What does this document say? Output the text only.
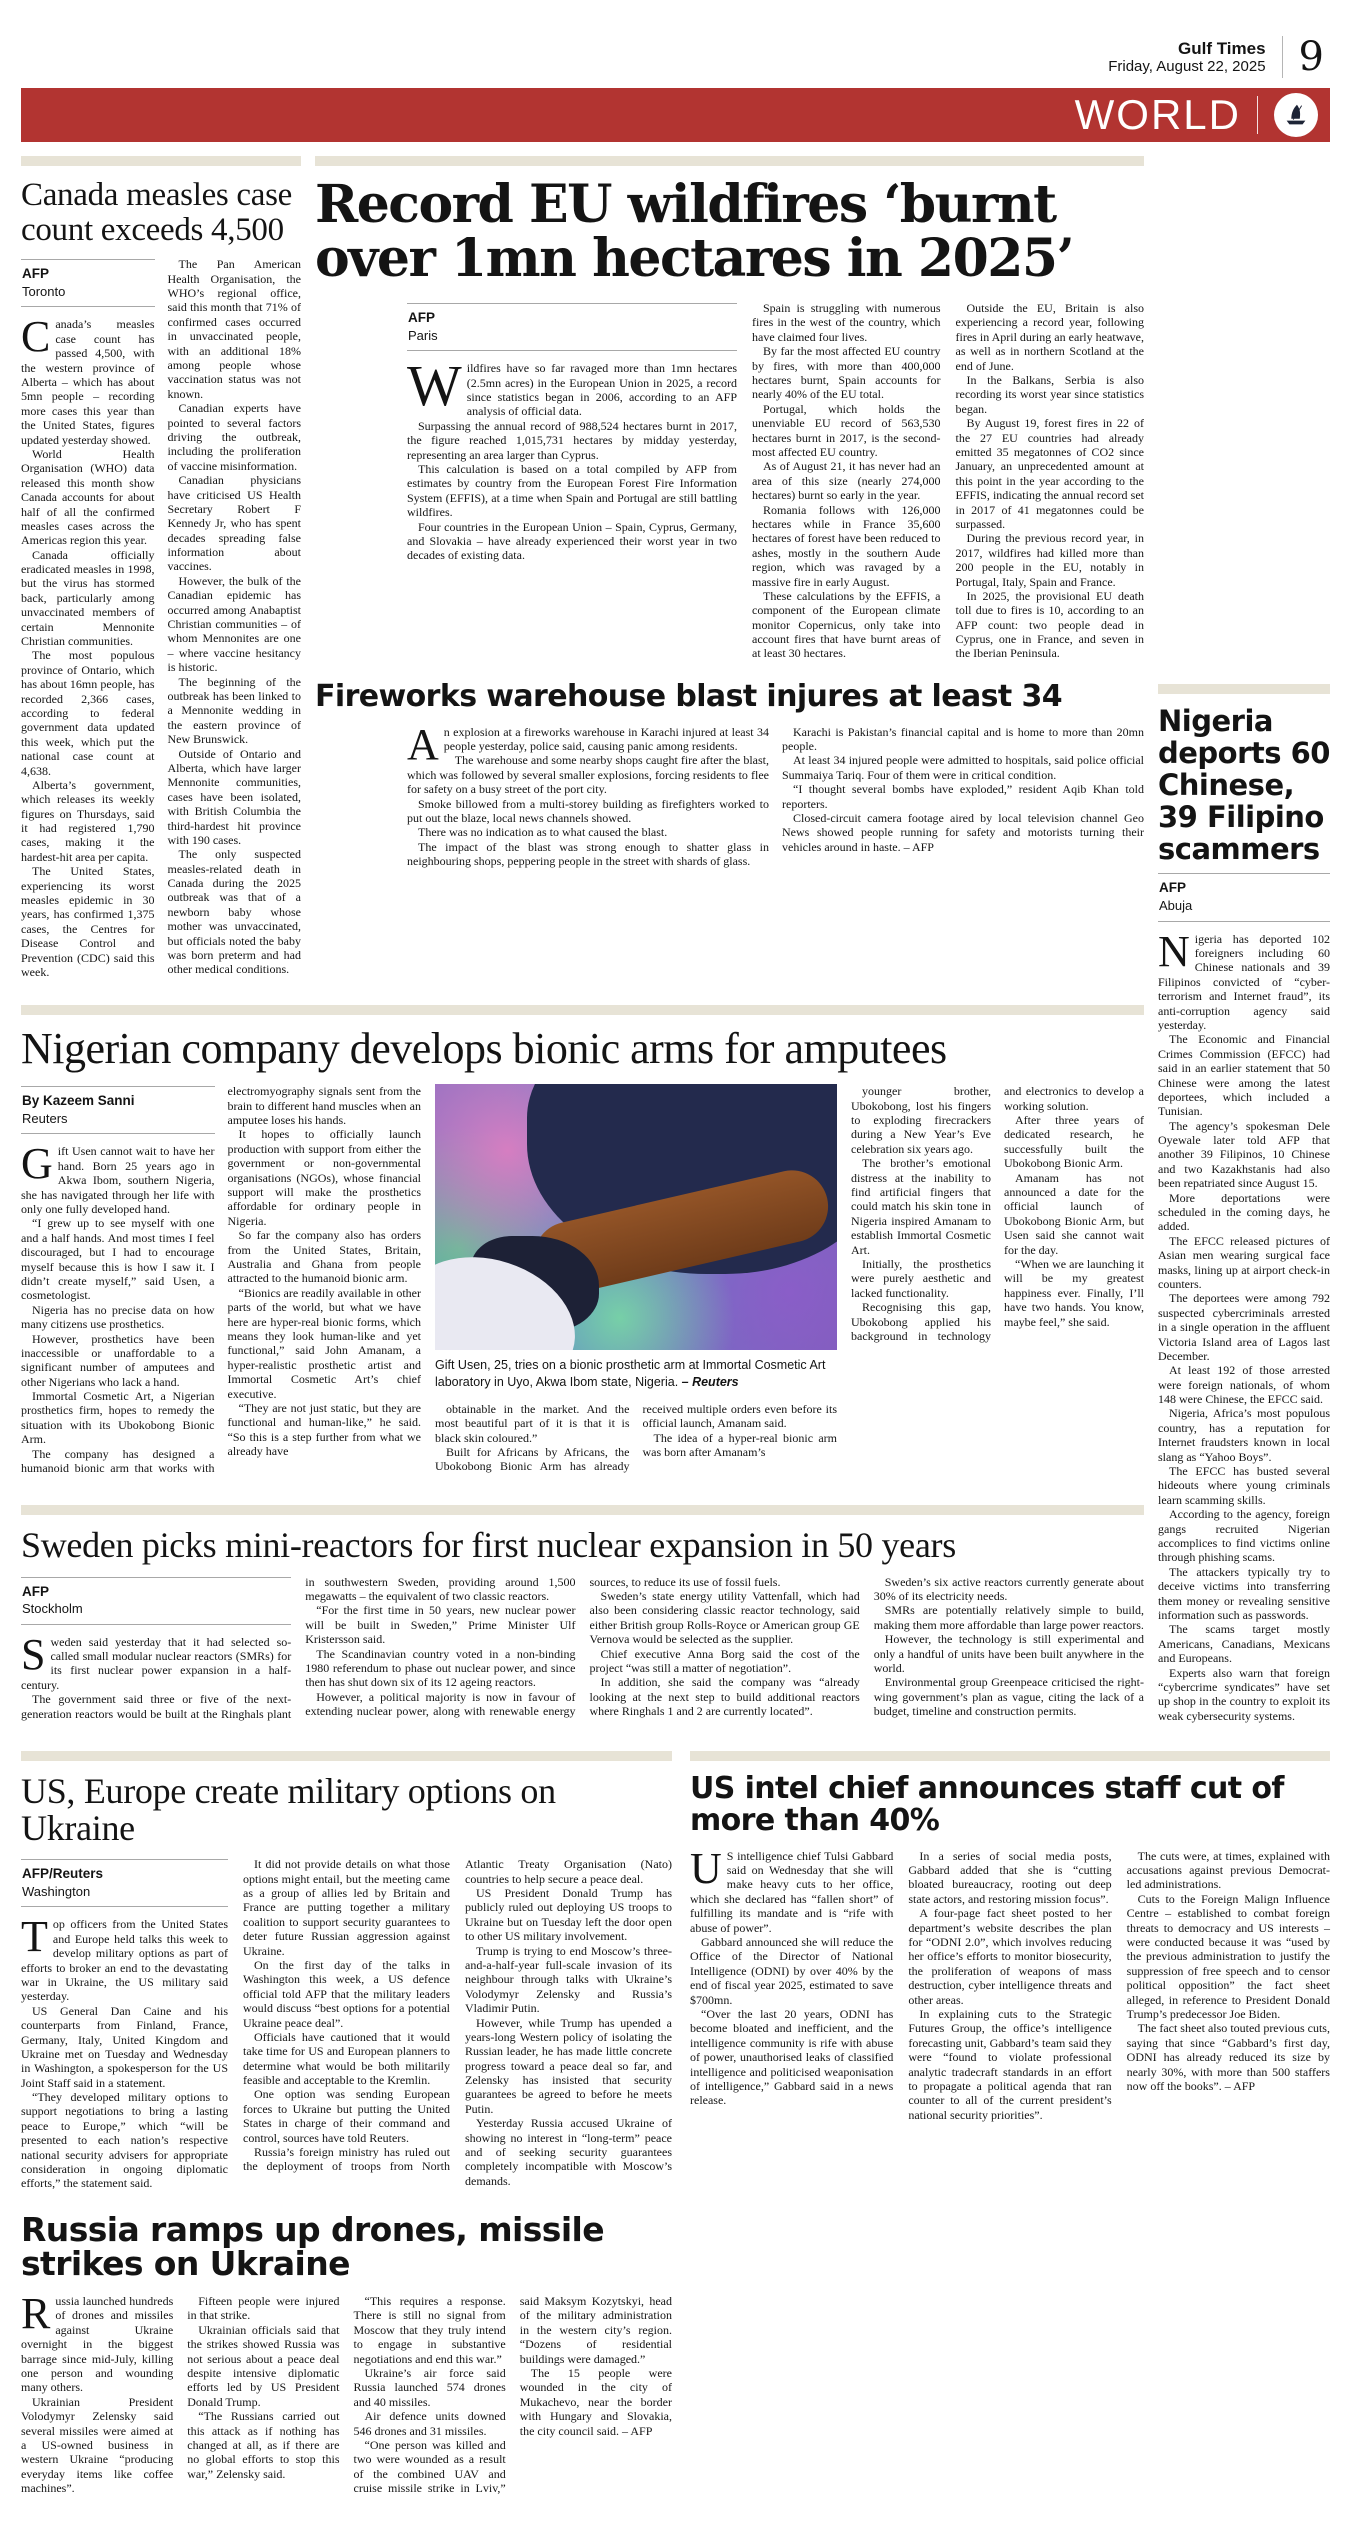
Gulf Times
Friday, August 22, 2025 9
WORLD
Canada measles case count exceeds 4,500
AFP
Toronto

Canada’s measles case count has passed 4,500, with the western province of Alberta – which has about 5mn people – recording more cases this year than the United States, figures updated yesterday showed.

World Health Organisation (WHO) data released this month show Canada accounts for about half of all the confirmed measles cases across the Americas region this year.

Canada officially eradicated measles in 1998, but the virus has stormed back, particularly among unvaccinated members of certain Mennonite Christian communities.

The most populous province of Ontario, which has about 16mn people, has recorded 2,366 cases, according to federal government data updated this week, which put the national case count at 4,638.

Alberta’s government, which releases its weekly figures on Thursdays, said it had registered 1,790 cases, making it the hardest-hit area per capita.

The United States, experiencing its worst measles epidemic in 30 years, has confirmed 1,375 cases, the Centres for Disease Control and Prevention (CDC) said this week.

The Pan American Health Organisation, the WHO’s regional office, said this month that 71% of confirmed cases occurred in unvaccinated people, with an additional 18% among people whose vaccination status was not known.

Canadian experts have pointed to several factors driving the outbreak, including the proliferation of vaccine misinformation.

Canadian physicians have criticised US Health Secretary Robert F Kennedy Jr, who has spent decades spreading false information about vaccines.

However, the bulk of the Canadian epidemic has occurred among Anabaptist Christian communities – of whom Mennonites are one – where vaccine hesitancy is historic.

The beginning of the outbreak has been linked to a Mennonite wedding in the eastern province of New Brunswick.

Outside of Ontario and Alberta, which have larger Mennonite communities, cases have been isolated, with British Columbia the third-hardest hit province with 190 cases.

The only suspected measles-related death in Canada during the 2025 outbreak was that of a newborn baby whose mother was unvaccinated, but officials noted the baby was born preterm and had other medical conditions.

Record EU wildfires ‘burnt over 1mn hectares in 2025’
AFP
Paris

Wildfires have so far ravaged more than 1mn hectares (2.5mn acres) in the European Union in 2025, a record since statistics began in 2006, according to an AFP analysis of official data.

Surpassing the annual record of 988,524 hectares burnt in 2017, the figure reached 1,015,731 hectares by midday yesterday, representing an area larger than Cyprus.

This calculation is based on a total compiled by AFP from estimates by country from the European Forest Fire Information System (EFFIS), at a time when Spain and Portugal are still battling wildfires.

Four countries in the European Union – Spain, Cyprus, Germany, and Slovakia – have already experienced their worst year in two decades of existing data.

Spain is struggling with numerous fires in the west of the country, which have claimed four lives.

By far the most affected EU country by fires, with more than 400,000 hectares burnt, Spain accounts for nearly 40% of the EU total.

Portugal, which holds the unenviable EU record of 563,530 hectares burnt in 2017, is the second-most affected EU country.

As of August 21, it has never had an area of this size (nearly 274,000 hectares) burnt so early in the year.

Romania follows with 126,000 hectares while in France 35,600 hectares of forest have been reduced to ashes, mostly in the southern Aude region, which was ravaged by a massive fire in early August.

These calculations by the EFFIS, a component of the European climate monitor Copernicus, only take into account fires that have burnt areas of at least 30 hectares.

Outside the EU, Britain is also experiencing a record year, following fires in April during an early heatwave, as well as in northern Scotland at the end of June.

In the Balkans, Serbia is also recording its worst year since statistics began.

By August 19, forest fires in 22 of the 27 EU countries had already emitted 35 megatonnes of CO2 since January, an unprecedented amount at this point in the year according to the EFFIS, indicating the annual record set in 2017 of 41 megatonnes could be surpassed.

During the previous record year, in 2017, wildfires had killed more than 200 people in the EU, notably in Portugal, Italy, Spain and France.

In 2025, the provisional EU death toll due to fires is 10, according to an AFP count: two people dead in Cyprus, one in France, and seven in the Iberian Peninsula.

Fireworks warehouse blast injures at least 34

An explosion at a fireworks warehouse in Karachi injured at least 34 people yesterday, police said, causing panic among residents.

The warehouse and some nearby shops caught fire after the blast, which was followed by several smaller explosions, forcing residents to flee for safety on a busy street of the port city.

Smoke billowed from a multi-storey building as firefighters worked to put out the blaze, local news channels showed.

There was no indication as to what caused the blast.

The impact of the blast was strong enough to shatter glass in neighbouring shops, peppering people in the street with shards of glass.

Karachi is Pakistan’s financial capital and is home to more than 20mn people.

At least 34 injured people were admitted to hospitals, said police official Summaiya Tariq. Four of them were in critical condition.

“I thought several bombs have exploded,” resident Aqib Khan told reporters.

Closed-circuit camera footage aired by local television channel Geo News showed people running for safety and motorists turning their vehicles around in haste. – AFP

Nigeria deports 60 Chinese, 39 Filipino scammers
AFP
Abuja

Nigeria has deported 102 foreigners including 60 Chinese nationals and 39 Filipinos convicted of “cyber-terrorism and Internet fraud”, its anti-corruption agency said yesterday.

The Economic and Financial Crimes Commission (EFCC) had said in an earlier statement that 50 Chinese were among the latest deportees, which included a Tunisian.

The agency’s spokesman Dele Oyewale later told AFP that another 39 Filipinos, 10 Chinese and two Kazakhstanis had also been repatriated since August 15.

More deportations were scheduled in the coming days, he added.

The EFCC released pictures of Asian men wearing surgical face masks, lining up at airport check-in counters.

The deportees were among 792 suspected cybercriminals arrested in a single operation in the affluent Victoria Island area of Lagos last December.

At least 192 of those arrested were foreign nationals, of whom 148 were Chinese, the EFCC said.

Nigeria, Africa’s most populous country, has a reputation for Internet fraudsters known in local slang as “Yahoo Boys”.

The EFCC has busted several hideouts where young criminals learn scamming skills.

According to the agency, foreign gangs recruited Nigerian accomplices to find victims online through phishing scams.

The attackers typically try to deceive victims into transferring them money or revealing sensitive information such as passwords.

The scams target mostly Americans, Canadians, Mexicans and Europeans.

Experts also warn that foreign “cybercrime syndicates” have set up shop in the country to exploit its weak cybersecurity systems.

Nigerian company develops bionic arms for amputees
By Kazeem Sanni
Reuters

Gift Usen cannot wait to have her hand. Born 25 years ago in Akwa Ibom, southern Nigeria, she has navigated through her life with only one fully developed hand.

“I grew up to see myself with one and a half hands. And most times I feel discouraged, but I had to encourage myself because this is how I saw it. I didn’t create myself,” said Usen, a cosmetologist.

Nigeria has no precise data on how many citizens use prosthetics.

However, prosthetics have been inaccessible or unaffordable to a significant number of amputees and other Nigerians who lack a hand.

Immortal Cosmetic Art, a Nigerian prosthetics firm, hopes to remedy the situation with its Ubokobong Bionic Arm.

The company has designed a humanoid bionic arm that works with electromyography signals sent from the brain to different hand muscles when an amputee loses his hands.

It hopes to officially launch production with support from either the government or non-governmental organisations (NGOs), whose financial support will make the prosthetics affordable for ordinary people in Nigeria.

So far the company also has orders from the United States, Britain, Australia and Ghana from people attracted to the humanoid bionic arm.

“Bionics are readily available in other parts of the world, but what we have here are hyper-real bionic forms, which means they look human-like and yet functional,” said John Amanam, a hyper-realistic prosthetic artist and Immortal Cosmetic Art’s chief executive.

“They are not just static, but they are functional and human-like,” he said. “So this is a step further from what we already have

Gift Usen, 25, tries on a bionic prosthetic arm at Immortal Cosmetic Art laboratory in Uyo, Akwa Ibom state, Nigeria. – Reuters

obtainable in the market. And the most beautiful part of it is that it is black skin coloured.”

Built for Africans by Africans, the Ubokobong Bionic Arm has already received multiple orders even before its official launch, Amanam said.

The idea of a hyper-real bionic arm was born after Amanam’s

younger brother, Ubokobong, lost his fingers to exploding firecrackers during a New Year’s Eve celebration six years ago.

The brother’s emotional distress at the inability to find artificial fingers that could match his skin tone in Nigeria inspired Amanam to establish Immortal Cosmetic Art.

Initially, the prosthetics were purely aesthetic and lacked functionality.

Recognising this gap, Ubokobong applied his background in technology and electronics to develop a working solution.

After three years of dedicated research, he successfully built the Ubokobong Bionic Arm.

Amanam has not announced a date for the official launch of Ubokobong Bionic Arm, but Usen said she cannot wait for the day.

“When we are launching it will be my greatest happiness ever. Finally, I’ll have two hands. You know, maybe feel,” she said.

Sweden picks mini-reactors for first nuclear expansion in 50 years
AFP
Stockholm

Sweden said yesterday that it had selected so-called small modular nuclear reactors (SMRs) for its first nuclear power expansion in a half-century.

The government said three or five of the next-generation reactors would be built at the Ringhals plant in southwestern Sweden, providing around 1,500 megawatts – the equivalent of two classic reactors.

“For the first time in 50 years, new nuclear power will be built in Sweden,” Prime Minister Ulf Kristersson said.

The Scandinavian country voted in a non-binding 1980 referendum to phase out nuclear power, and since then has shut down six of its 12 ageing reactors.

However, a political majority is now in favour of extending nuclear power, along with renewable energy sources, to reduce its use of fossil fuels.

Sweden’s state energy utility Vattenfall, which had also been considering classic reactor technology, said either British group Rolls-Royce or American group GE Vernova would be selected as the supplier.

Chief executive Anna Borg said the cost of the project “was still a matter of negotiation”.

In addition, she said the company was “already looking at the next step to build additional reactors where Ringhals 1 and 2 are currently located”.

Sweden’s six active reactors currently generate about 30% of its electricity needs.

SMRs are potentially relatively simple to build, making them more affordable than large power reactors.

However, the technology is still experimental and only a handful of units have been built anywhere in the world.

Environmental group Greenpeace criticised the right-wing government’s plan as vague, citing the lack of a budget, timeline and construction permits.

US, Europe create military options on Ukraine
AFP/Reuters
Washington

Top officers from the United States and Europe held talks this week to develop military options as part of efforts to broker an end to the devastating war in Ukraine, the US military said yesterday.

US General Dan Caine and his counterparts from Finland, France, Germany, Italy, United Kingdom and Ukraine met on Tuesday and Wednesday in Washington, a spokesperson for the US Joint Staff said in a statement.

“They developed military options to support negotiations to bring a lasting peace to Europe,” which “will be presented to each nation’s respective national security advisers for appropriate consideration in ongoing diplomatic efforts,” the statement said.

It did not provide details on what those options might entail, but the meeting came as a group of allies led by Britain and France are putting together a military coalition to support security guarantees to deter future Russian aggression against Ukraine.

On the first day of the talks in Washington this week, a US defence official told AFP that the military leaders would discuss “best options for a potential Ukraine peace deal”.

Officials have cautioned that it would take time for US and European planners to determine what would be both militarily feasible and acceptable to the Kremlin.

One option was sending European forces to Ukraine but putting the United States in charge of their command and control, sources have told Reuters.

Russia’s foreign ministry has ruled out the deployment of troops from North Atlantic Treaty Organisation (Nato) countries to help secure a peace deal.

US President Donald Trump has publicly ruled out deploying US troops to Ukraine but on Tuesday left the door open to other US military involvement.

Trump is trying to end Moscow’s three-and-a-half-year full-scale invasion of its neighbour through talks with Ukraine’s Volodymyr Zelensky and Russia’s Vladimir Putin.

However, while Trump has upended a years-long Western policy of isolating the Russian leader, he has made little concrete progress toward a peace deal so far, and Zelensky has insisted that security guarantees be agreed to before he meets Putin.

Yesterday Russia accused Ukraine of showing no interest in “long-term” peace and of seeking security guarantees completely incompatible with Moscow’s demands.

US intel chief announces staff cut of more than 40%

U S intelligence chief Tulsi Gabbard said on Wednesday that she will make heavy cuts to her office, which she declared has “fallen short” of fulfilling its mandate and is “rife with abuse of power”.

Gabbard announced she will reduce the Office of the Director of National Intelligence (ODNI) by over 40% by the end of fiscal year 2025, estimated to save $700mn.

“Over the last 20 years, ODNI has become bloated and inefficient, and the intelligence community is rife with abuse of power, unauthorised leaks of classified intelligence and politicised weaponisation of intelligence,” Gabbard said in a news release.

In a series of social media posts, Gabbard added that she is “cutting bloated bureaucracy, rooting out deep state actors, and restoring mission focus”.

A four-page fact sheet posted to her department’s website describes the plan for “ODNI 2.0”, which involves reducing her office’s efforts to monitor biosecurity, the proliferation of weapons of mass destruction, cyber intelligence threats and other areas.

In explaining cuts to the Strategic Futures Group, the office’s intelligence forecasting unit, Gabbard’s team said they were “found to violate professional analytic tradecraft standards in an effort to propagate a political agenda that ran counter to all of the current president’s national security priorities”.

The cuts were, at times, explained with accusations against previous Democrat-led administrations.

Cuts to the Foreign Malign Influence Centre – established to combat foreign threats to democracy and US interests – were conducted because it was “used by the previous administration to justify the suppression of free speech and to censor political opposition” the fact sheet alleged, in reference to President Donald Trump’s predecessor Joe Biden.

The fact sheet also touted previous cuts, saying that since “Gabbard’s first day, ODNI has already reduced its size by nearly 30%, with more than 500 staffers now off the books”. – AFP

Russia ramps up drones, missile strikes on Ukraine

Russia launched hundreds of drones and missiles against Ukraine overnight in the biggest barrage since mid-July, killing one person and wounding many others.

Ukrainian President Volodymyr Zelensky said several missiles were aimed at a US-owned business in western Ukraine “producing everyday items like coffee machines”.

Fifteen people were injured in that strike.

Ukrainian officials said that the strikes showed Russia was not serious about a peace deal despite intensive diplomatic efforts led by US President Donald Trump.

“The Russians carried out this attack as if nothing has changed at all, as if there are no global efforts to stop this war,” Zelensky said.

“This requires a response. There is still no signal from Moscow that they truly intend to engage in substantive negotiations and end this war.”

Ukraine’s air force said Russia launched 574 drones and 40 missiles.

Air defence units downed 546 drones and 31 missiles.

“One person was killed and two were wounded as a result of the combined UAV and cruise missile strike in Lviv,” said Maksym Kozytskyi, head of the military administration in the western city’s region. “Dozens of residential buildings were damaged.”

The 15 people were wounded in the city of Mukachevo, near the border with Hungary and Slovakia, the city council said. – AFP
